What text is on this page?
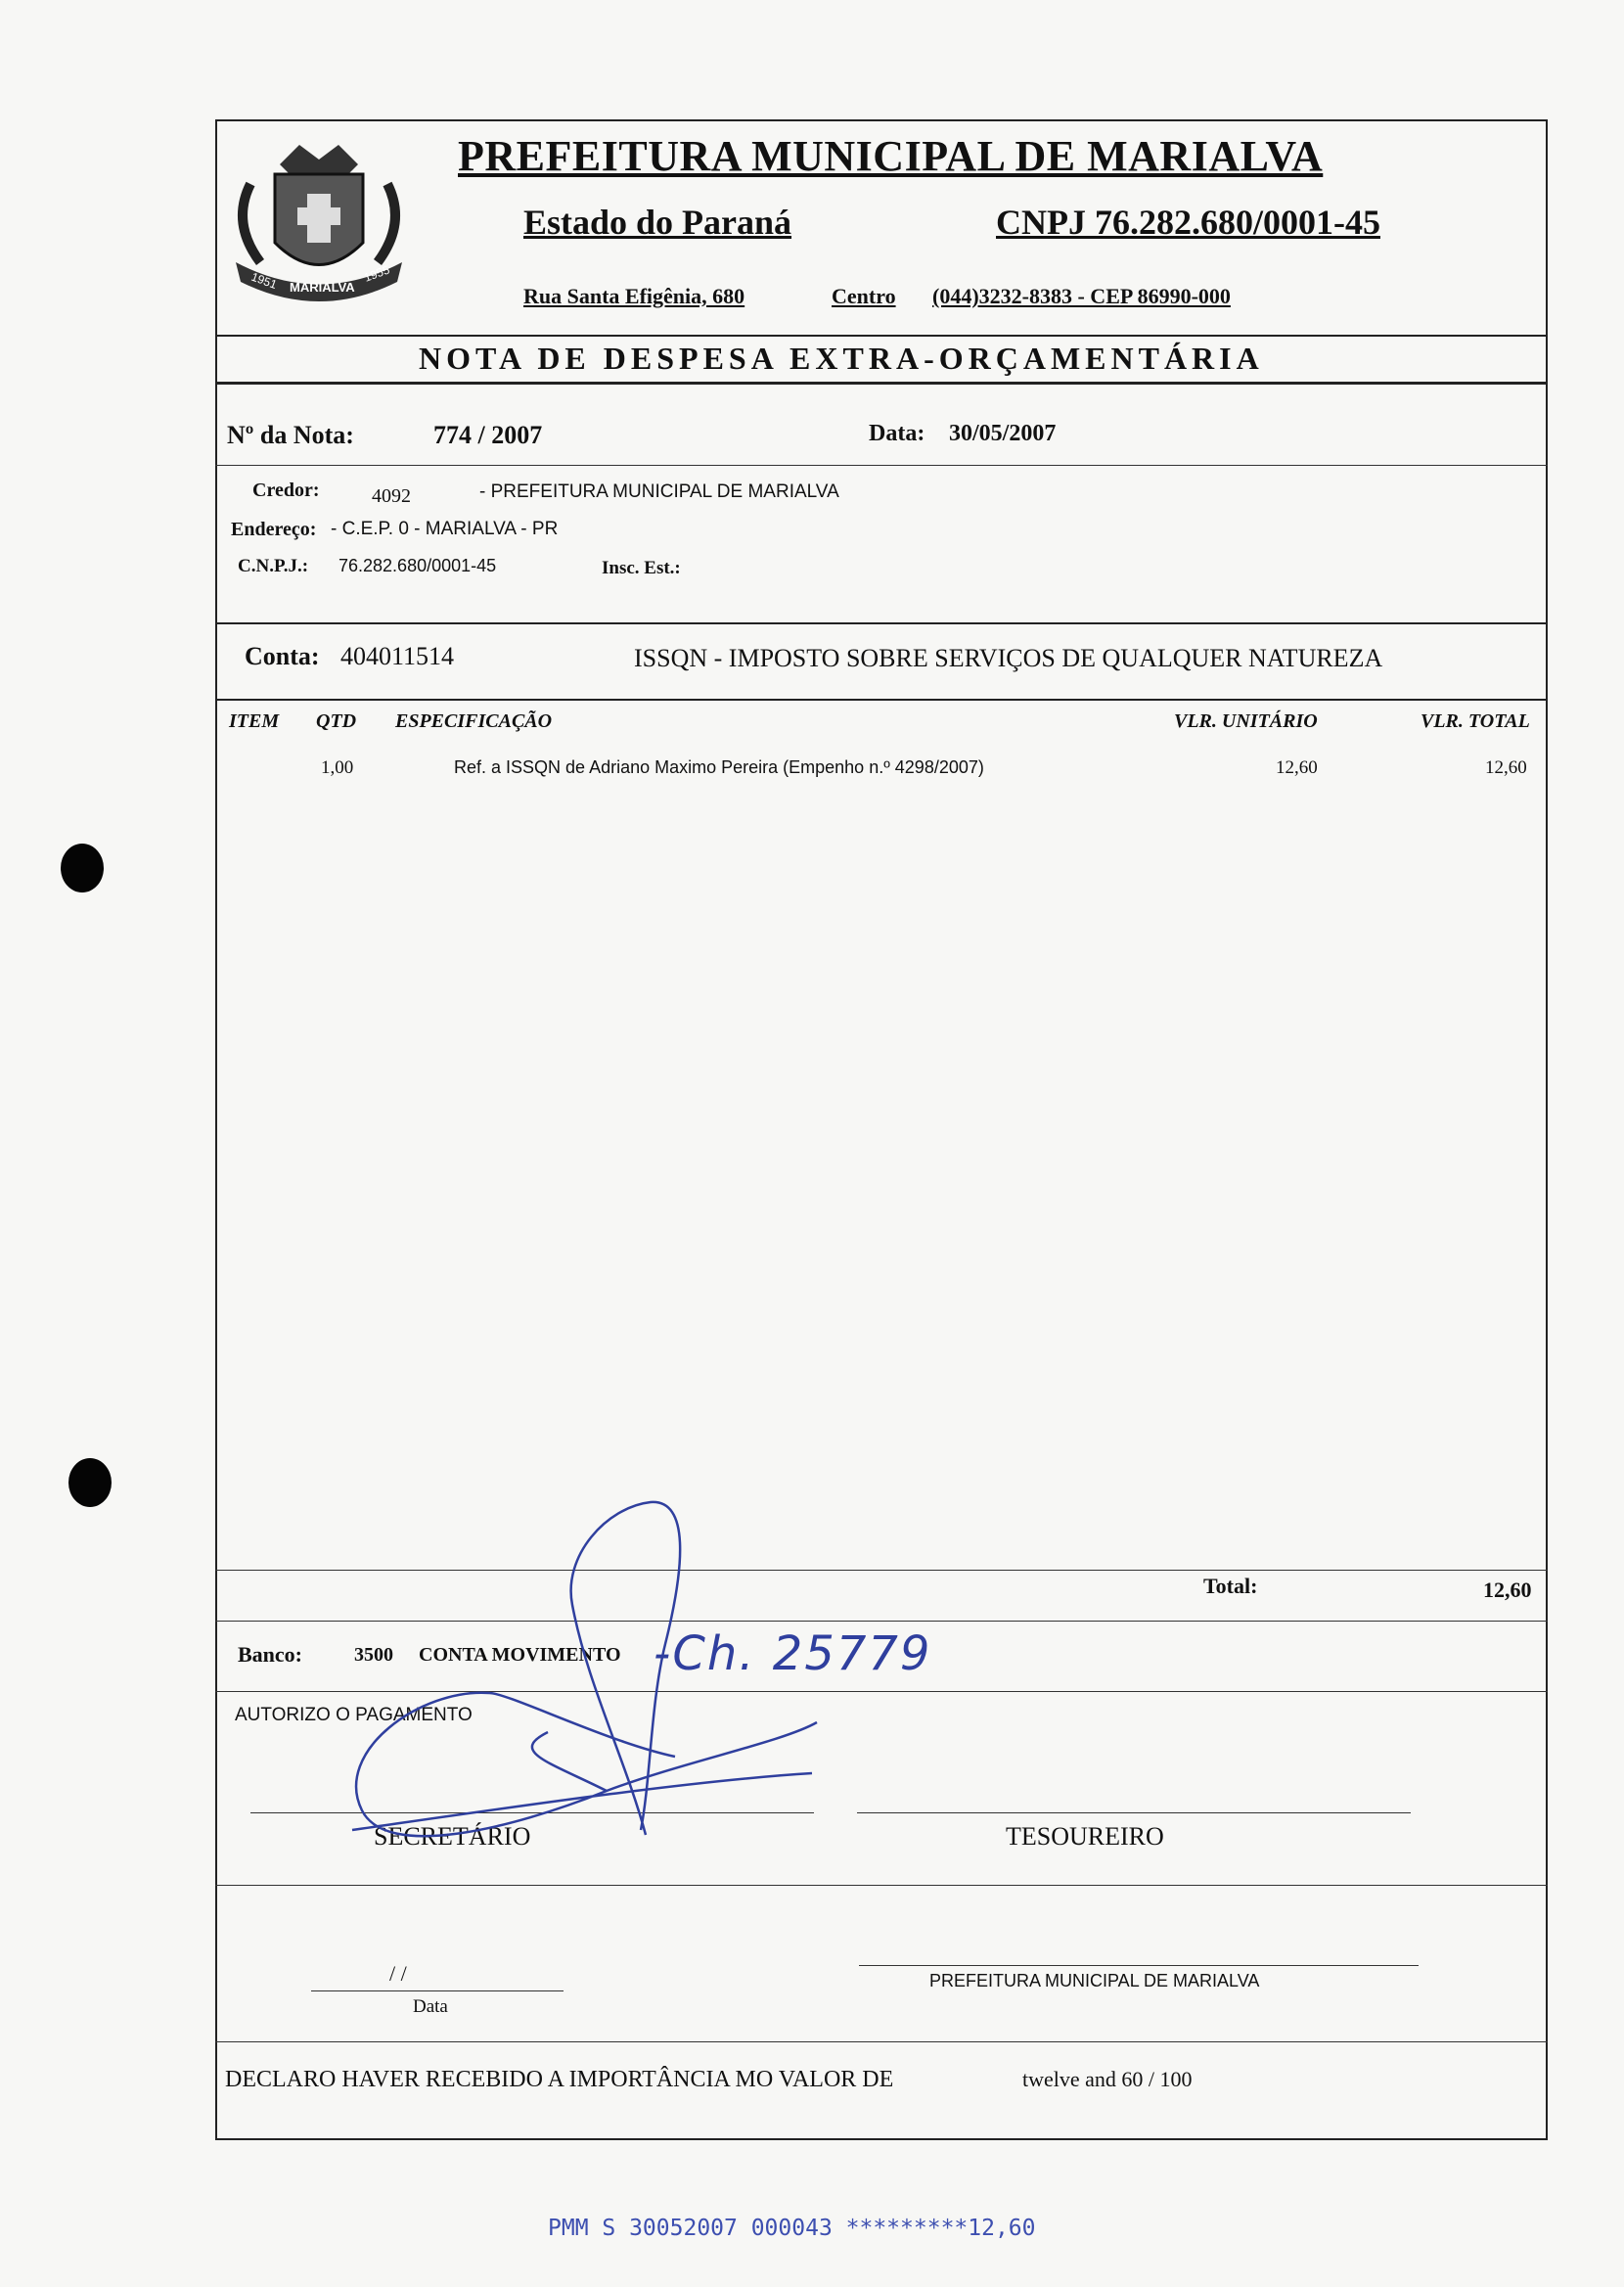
1951 MARIALVA
1955
PREFEITURA MUNICIPAL DE MARIALVA
Estado do Paraná	CNPJ 76.282.680/0001-45
Rua Santa Efigênia, 680	Centro (044)3232-8383 - CEP 86990-000
NOTA DE DESPESA EXTRA-ORÇAMENTÁRIA
Nº da Nota:	774 / 2007	Data: 30/05/2007
Credor:	4092	- PREFEITURA MUNICIPAL DE MARIALVA
Endereço: - C.E.P. 0 - MARIALVA - PR
C.N.P.J.: 76.282.680/0001-45	Insc. Est.:
Conta: 404011514	ISSQN - IMPOSTO SOBRE SERVIÇOS DE QUALQUER NATUREZA
ITEM QTD ESPECIFICAÇÃO	VLR. UNITÁRIO	VLR. TOTAL
1,00	Ref. a ISSQN de Adriano Maximo Pereira (Empenho n.º 4298/2007)	12,60	12,60
Total:	12,60
Banco:	3500 CONTA MOVIMENTO -Ch. 25779
AUTORIZO O PAGAMENTO
SECRETÁRIO	TESOUREIRO
/ /
Data
PREFEITURA MUNICIPAL DE MARIALVA
DECLARO HAVER RECEBIDO A IMPORTÂNCIA MO VALOR DE	twelve and 60 / 100
PMM S 30052007 000043 *********12,60
